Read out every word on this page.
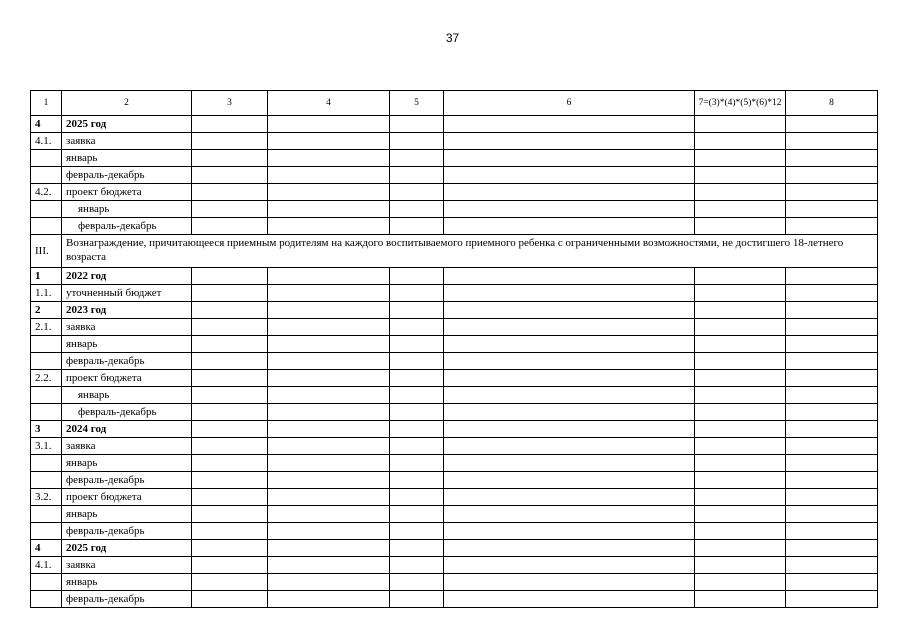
37
1	2	3	4	5	6	7=(3)*(4)*(5)*(6)*12	8
4	2025 год						
4.1.	заявка						
	январь						
	февраль-декабрь						
4.2.	проект бюджета						
	январь						
	февраль-декабрь						
III.	Вознаграждение, причитающееся приемным родителям на каждого воспитываемого приемного ребенка с ограниченными возможностями, не достигшего 18-летнего возраста						
1	2022 год						
1.1.	уточненный бюджет						
2	2023 год						
2.1.	заявка						
	январь						
	февраль-декабрь						
2.2.	проект бюджета						
	январь						
	февраль-декабрь						
3	2024 год						
3.1.	заявка						
	январь						
	февраль-декабрь						
3.2.	проект бюджета						
	январь						
	февраль-декабрь						
4	2025 год						
4.1.	заявка						
	январь						
	февраль-декабрь						
